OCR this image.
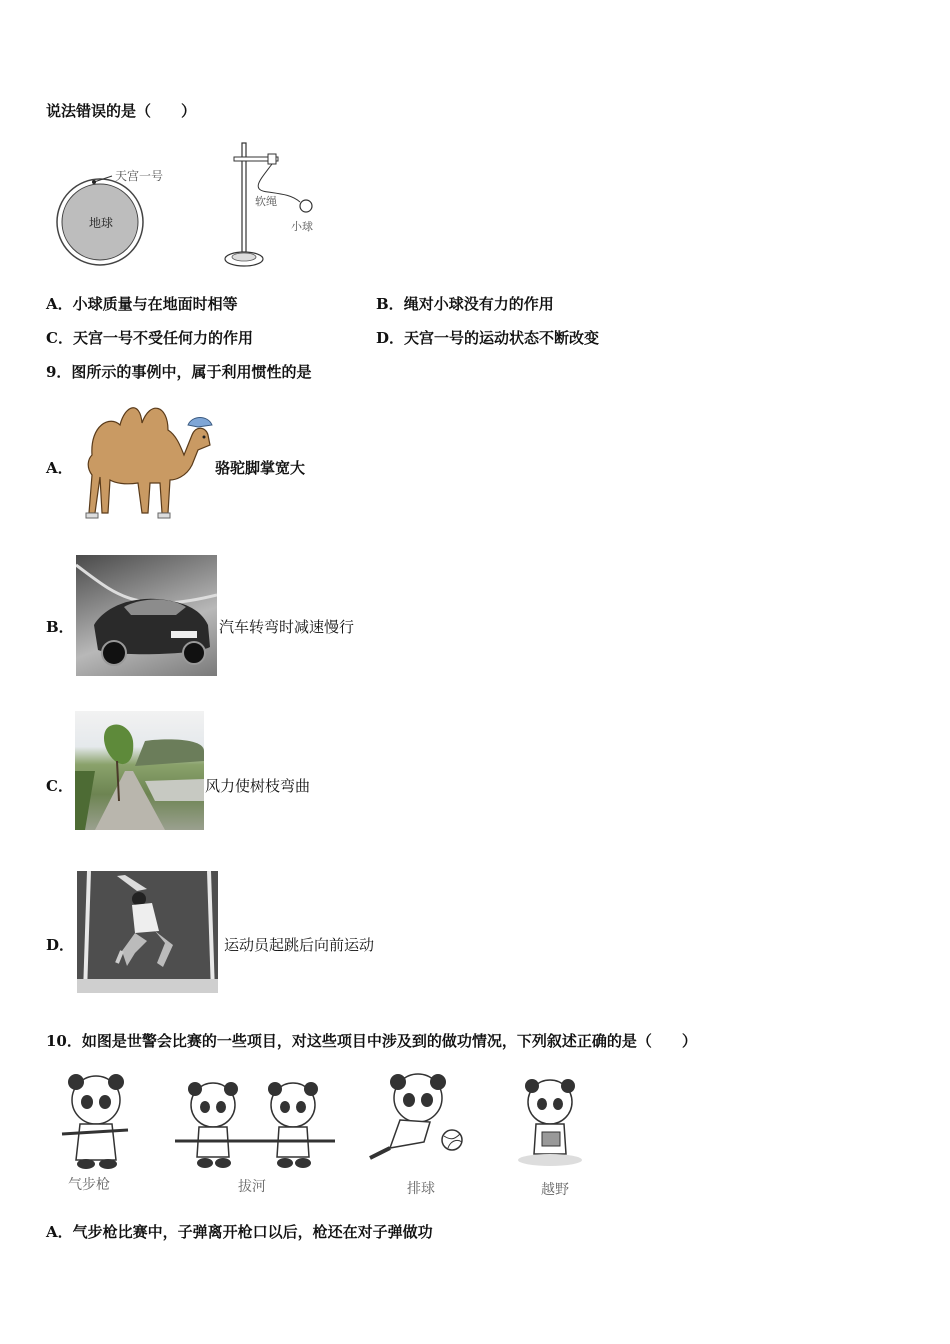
说法错误的是（　　）
天宫一号
地球
软绳
小球
A．小球质量与在地面时相等	B．绳对小球没有力的作用
C．天宫一号不受任何力的作用	D．天宫一号的运动状态不断改变
9．图所示的事例中，属于利用惯性的是
A．	骆驼脚掌宽大
B．	汽车转弯时减速慢行
C．	风力使树枝弯曲
D．	运动员起跳后向前运动
10．如图是世警会比赛的一些项目，对这些项目中涉及到的做功情况，下列叙述正确的是（　　）
气步枪	拔河	排球	越野
A．气步枪比赛中，子弹离开枪口以后，枪还在对子弹做功
